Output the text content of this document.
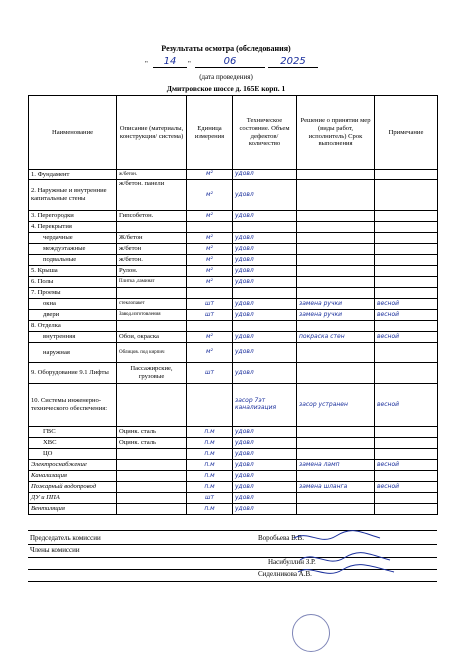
Результаты осмотра (обследования)
"	14	"	06	2025
(дата проведения)
Дмитровское шоссе д. 165Е корп. 1
Наименование	Описание (материалы, конструкция/ система)	Единица измерения	Техническое состояние. Объем дефектов/ количество	Решение о принятии мер (виды работ, исполнитель) Срок выполнения	Примечание
1. Фундамент	ж/бетон.	м²	удовл		
2. Наружные и внутренние капитальные стены	ж/бетон. панели	м²	удовл		
3. Перегородки	Гипсобетон.	м²	удовл		
4. Перекрытия					
чердачные	Ж/бетон	м²	удовл		
междуэтажные	ж/бетон	м²	удовл		
подвальные	ж/бетон.	м²	удовл		
5. Крыша	Рулон.	м²	удовл		
6. Полы	Плитка ,ламинат	м²	удовл		
7. Проемы					
окна	стеклопакет	шт	удовл	замена ручки	весной
двери	Завод.изготовления	шт	удовл	замена ручки	весной
8. Отделка					
внутренняя	Обои, окраска	м²	удовл	покраска стен	весной
наружная	Облицов. под кирпич	м²	удовл		
9. Оборудование 9.1 Лифты	Пассажирские, грузовые	шт	удовл		
10. Системы инженерно-технического обеспечения:			засор 7эт канализация	засор устранен	весной
ГВС	Оцинк. сталь	п.м	удовл		
ХВС	Оцинк. сталь	п.м	удовл		
ЦО		п.м	удовл		
Электроснабжение		п.м	удовл	замена ламп	весной
Канализация		п.м	удовл		
Пожарный водопровод		п.м	удовл	замена шланга	весной
ДУ и ППА		шт	удовл		
Вентиляция		п.м	удовл		
Председатель комиссии	Воробьева В.В.
Члены комиссии
Насибуллин З.Р.
Сиделникова А.В.
